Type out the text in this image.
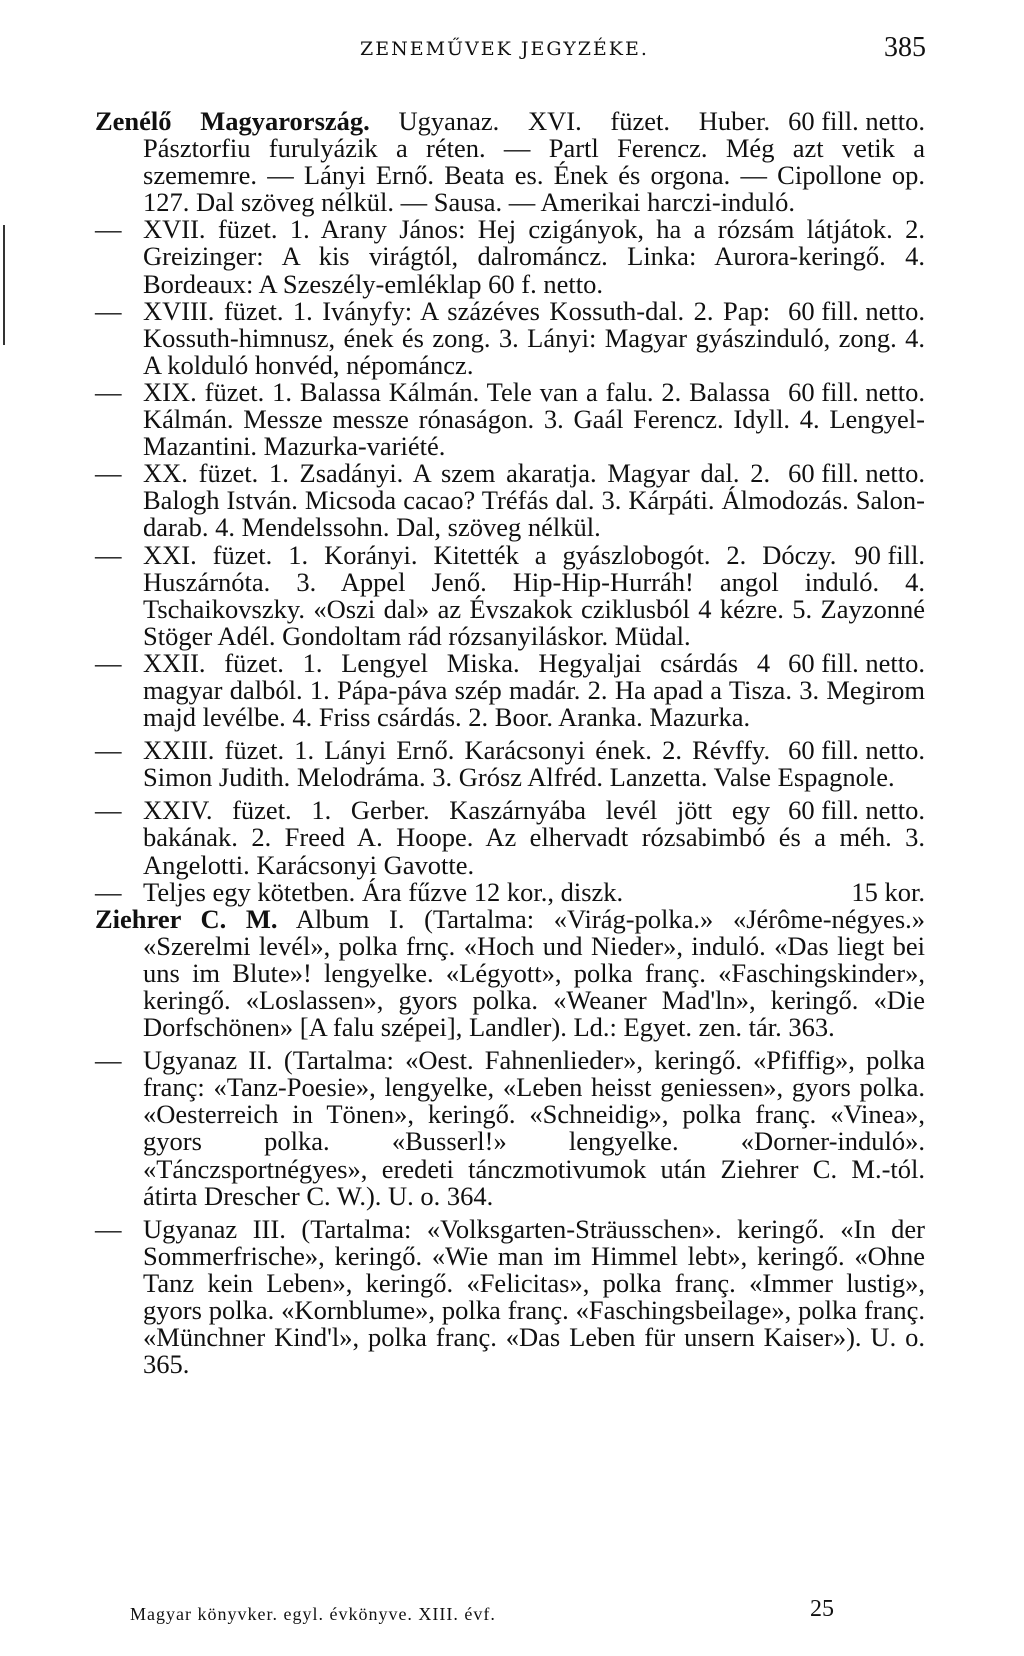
ZENEMŰVEK JEGYZÉKE.	385

60 fill. netto.
Zenélő Magyarország. Ugyanaz. XVI. füzet. Huber. Pásztorfiu furulyázik a réten. — Partl Ferencz. Még azt vetik a szememre. — Lányi Ernő. Beata es. Ének és orgona. — Cipollone op. 127. Dal szöveg nélkül. — Sausa. — Amerikai harczi-induló.

— XVII. füzet. 1. Arany János: Hej czigányok, ha a rózsám látjátok. 2. Greizinger: A kis virágtól, dalrománcz. Linka: Aurora-keringő. 4. Bordeaux: A Szeszély-emléklap 60 f. netto.

60 fill. netto.
— XVIII. füzet. 1. Iványfy: A százéves Kossuth-dal. 2. Pap: Kossuth-himnusz, ének és zong. 3. Lányi: Magyar gyászinduló, zong. 4. A kolduló honvéd, népománcz.

60 fill. netto.
— XIX. füzet. 1. Balassa Kálmán. Tele van a falu. 2. Balassa Kálmán. Messze messze rónaságon. 3. Gaál Ferencz. Idyll. 4. Lengyel-Mazantini. Mazurka-variété.

60 fill. netto.
— XX. füzet. 1. Zsadányi. A szem akaratja. Magyar dal. 2. Balogh István. Micsoda cacao? Tréfás dal. 3. Kárpáti. Álmodozás. Salon-darab. 4. Mendelssohn. Dal, szöveg nélkül.

90 fill.
— XXI. füzet. 1. Korányi. Kitették a gyászlobogót. 2. Dóczy. Huszárnóta. 3. Appel Jenő. Hip-Hip-Hurráh! angol induló. 4. Tschaikovszky. «Oszi dal» az Évszakok cziklusból 4 kézre. 5. Zayzonné Stöger Adél. Gondoltam rád rózsanyiláskor. Müdal.

60 fill. netto.
— XXII. füzet. 1. Lengyel Miska. Hegyaljai csárdás 4 magyar dalból. 1. Pápa-páva szép madár. 2. Ha apad a Tisza. 3. Megirom majd levélbe. 4. Friss csárdás. 2. Boor. Aranka. Mazurka.

60 fill. netto.
— XXIII. füzet. 1. Lányi Ernő. Karácsonyi ének. 2. Révffy. Simon Judith. Melodráma. 3. Grósz Alfréd. Lanzetta. Valse Espagnole.

60 fill. netto.
— XXIV. füzet. 1. Gerber. Kaszárnyába levél jött egy bakának. 2. Freed A. Hoope. Az elhervadt rózsabimbó és a méh. 3. Angelotti. Karácsonyi Gavotte.

15 kor.
— Teljes egy kötetben. Ára fűzve 12 kor., diszk.

Ziehrer C. M. Album I. (Tartalma: «Virág-polka.» «Jérôme-négyes.» «Szerelmi levél», polka frnç. «Hoch und Nieder», induló. «Das liegt bei uns im Blute»! lengyelke. «Légyott», polka franç. «Faschingskinder», keringő. «Loslassen», gyors polka. «Weaner Mad'ln», keringő. «Die Dorfschönen» [A falu szépei], Landler). Ld.: Egyet. zen. tár. 363.

— Ugyanaz II. (Tartalma: «Oest. Fahnenlieder», keringő. «Pfiffig», polka franç: «Tanz-Poesie», lengyelke, «Leben heisst geniessen», gyors polka. «Oesterreich in Tönen», keringő. «Schneidig», polka franç. «Vinea», gyors polka. «Busserl!» lengyelke. «Dorner-induló». «Tánczsportnégyes», eredeti tánczmotivumok után Ziehrer C. M.-tól. átirta Drescher C. W.). U. o. 364.

— Ugyanaz III. (Tartalma: «Volksgarten-Sträusschen». keringő. «In der Sommerfrische», keringő. «Wie man im Himmel lebt», keringő. «Ohne Tanz kein Leben», keringő. «Felicitas», polka franç. «Immer lustig», gyors polka. «Kornblume», polka franç. «Faschingsbeilage», polka franç. «Münchner Kind'l», polka franç. «Das Leben für unsern Kaiser»). U. o. 365.

Magyar könyvker. egyl. évkönyve. XIII. évf.	25
